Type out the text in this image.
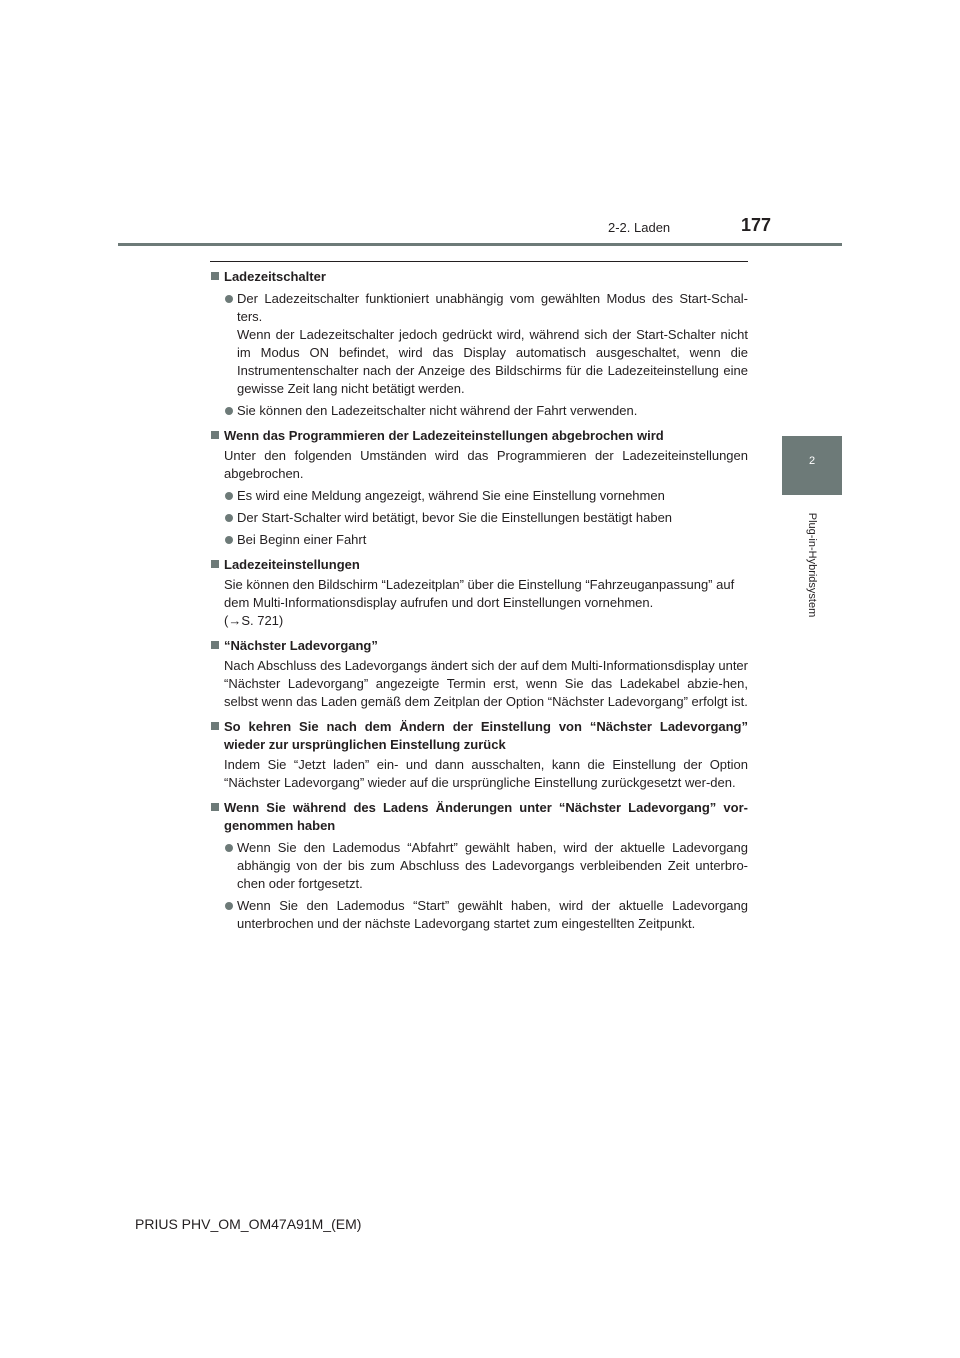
2-2. Laden	177
2
Plug-in-Hybridsystem
Ladezeitschalter
Der Ladezeitschalter funktioniert unabhängig vom gewählten Modus des Start-Schal-ters.
Wenn der Ladezeitschalter jedoch gedrückt wird, während sich der Start-Schalter nicht im Modus ON befindet, wird das Display automatisch ausgeschaltet, wenn die Instrumentenschalter nach der Anzeige des Bildschirms für die Ladezeiteinstellung eine gewisse Zeit lang nicht betätigt werden.
Sie können den Ladezeitschalter nicht während der Fahrt verwenden.
Wenn das Programmieren der Ladezeiteinstellungen abgebrochen wird
Unter den folgenden Umständen wird das Programmieren der Ladezeiteinstellungen abgebrochen.
Es wird eine Meldung angezeigt, während Sie eine Einstellung vornehmen
Der Start-Schalter wird betätigt, bevor Sie die Einstellungen bestätigt haben
Bei Beginn einer Fahrt
Ladezeiteinstellungen
Sie können den Bildschirm “Ladezeitplan” über die Einstellung “Fahrzeuganpassung” auf dem Multi-Informationsdisplay aufrufen und dort Einstellungen vornehmen.
(→S. 721)
“Nächster Ladevorgang”
Nach Abschluss des Ladevorgangs ändert sich der auf dem Multi-Informationsdisplay unter “Nächster Ladevorgang” angezeigte Termin erst, wenn Sie das Ladekabel abzie-hen, selbst wenn das Laden gemäß dem Zeitplan der Option “Nächster Ladevorgang” erfolgt ist.
So kehren Sie nach dem Ändern der Einstellung von “Nächster Ladevorgang” wieder zur ursprünglichen Einstellung zurück
Indem Sie “Jetzt laden” ein- und dann ausschalten, kann die Einstellung der Option “Nächster Ladevorgang” wieder auf die ursprüngliche Einstellung zurückgesetzt wer-den.
Wenn Sie während des Ladens Änderungen unter “Nächster Ladevorgang” vor-genommen haben
Wenn Sie den Lademodus “Abfahrt” gewählt haben, wird der aktuelle Ladevorgang abhängig von der bis zum Abschluss des Ladevorgangs verbleibenden Zeit unterbro-chen oder fortgesetzt.
Wenn Sie den Lademodus “Start” gewählt haben, wird der aktuelle Ladevorgang unterbrochen und der nächste Ladevorgang startet zum eingestellten Zeitpunkt.
PRIUS PHV_OM_OM47A91M_(EM)
